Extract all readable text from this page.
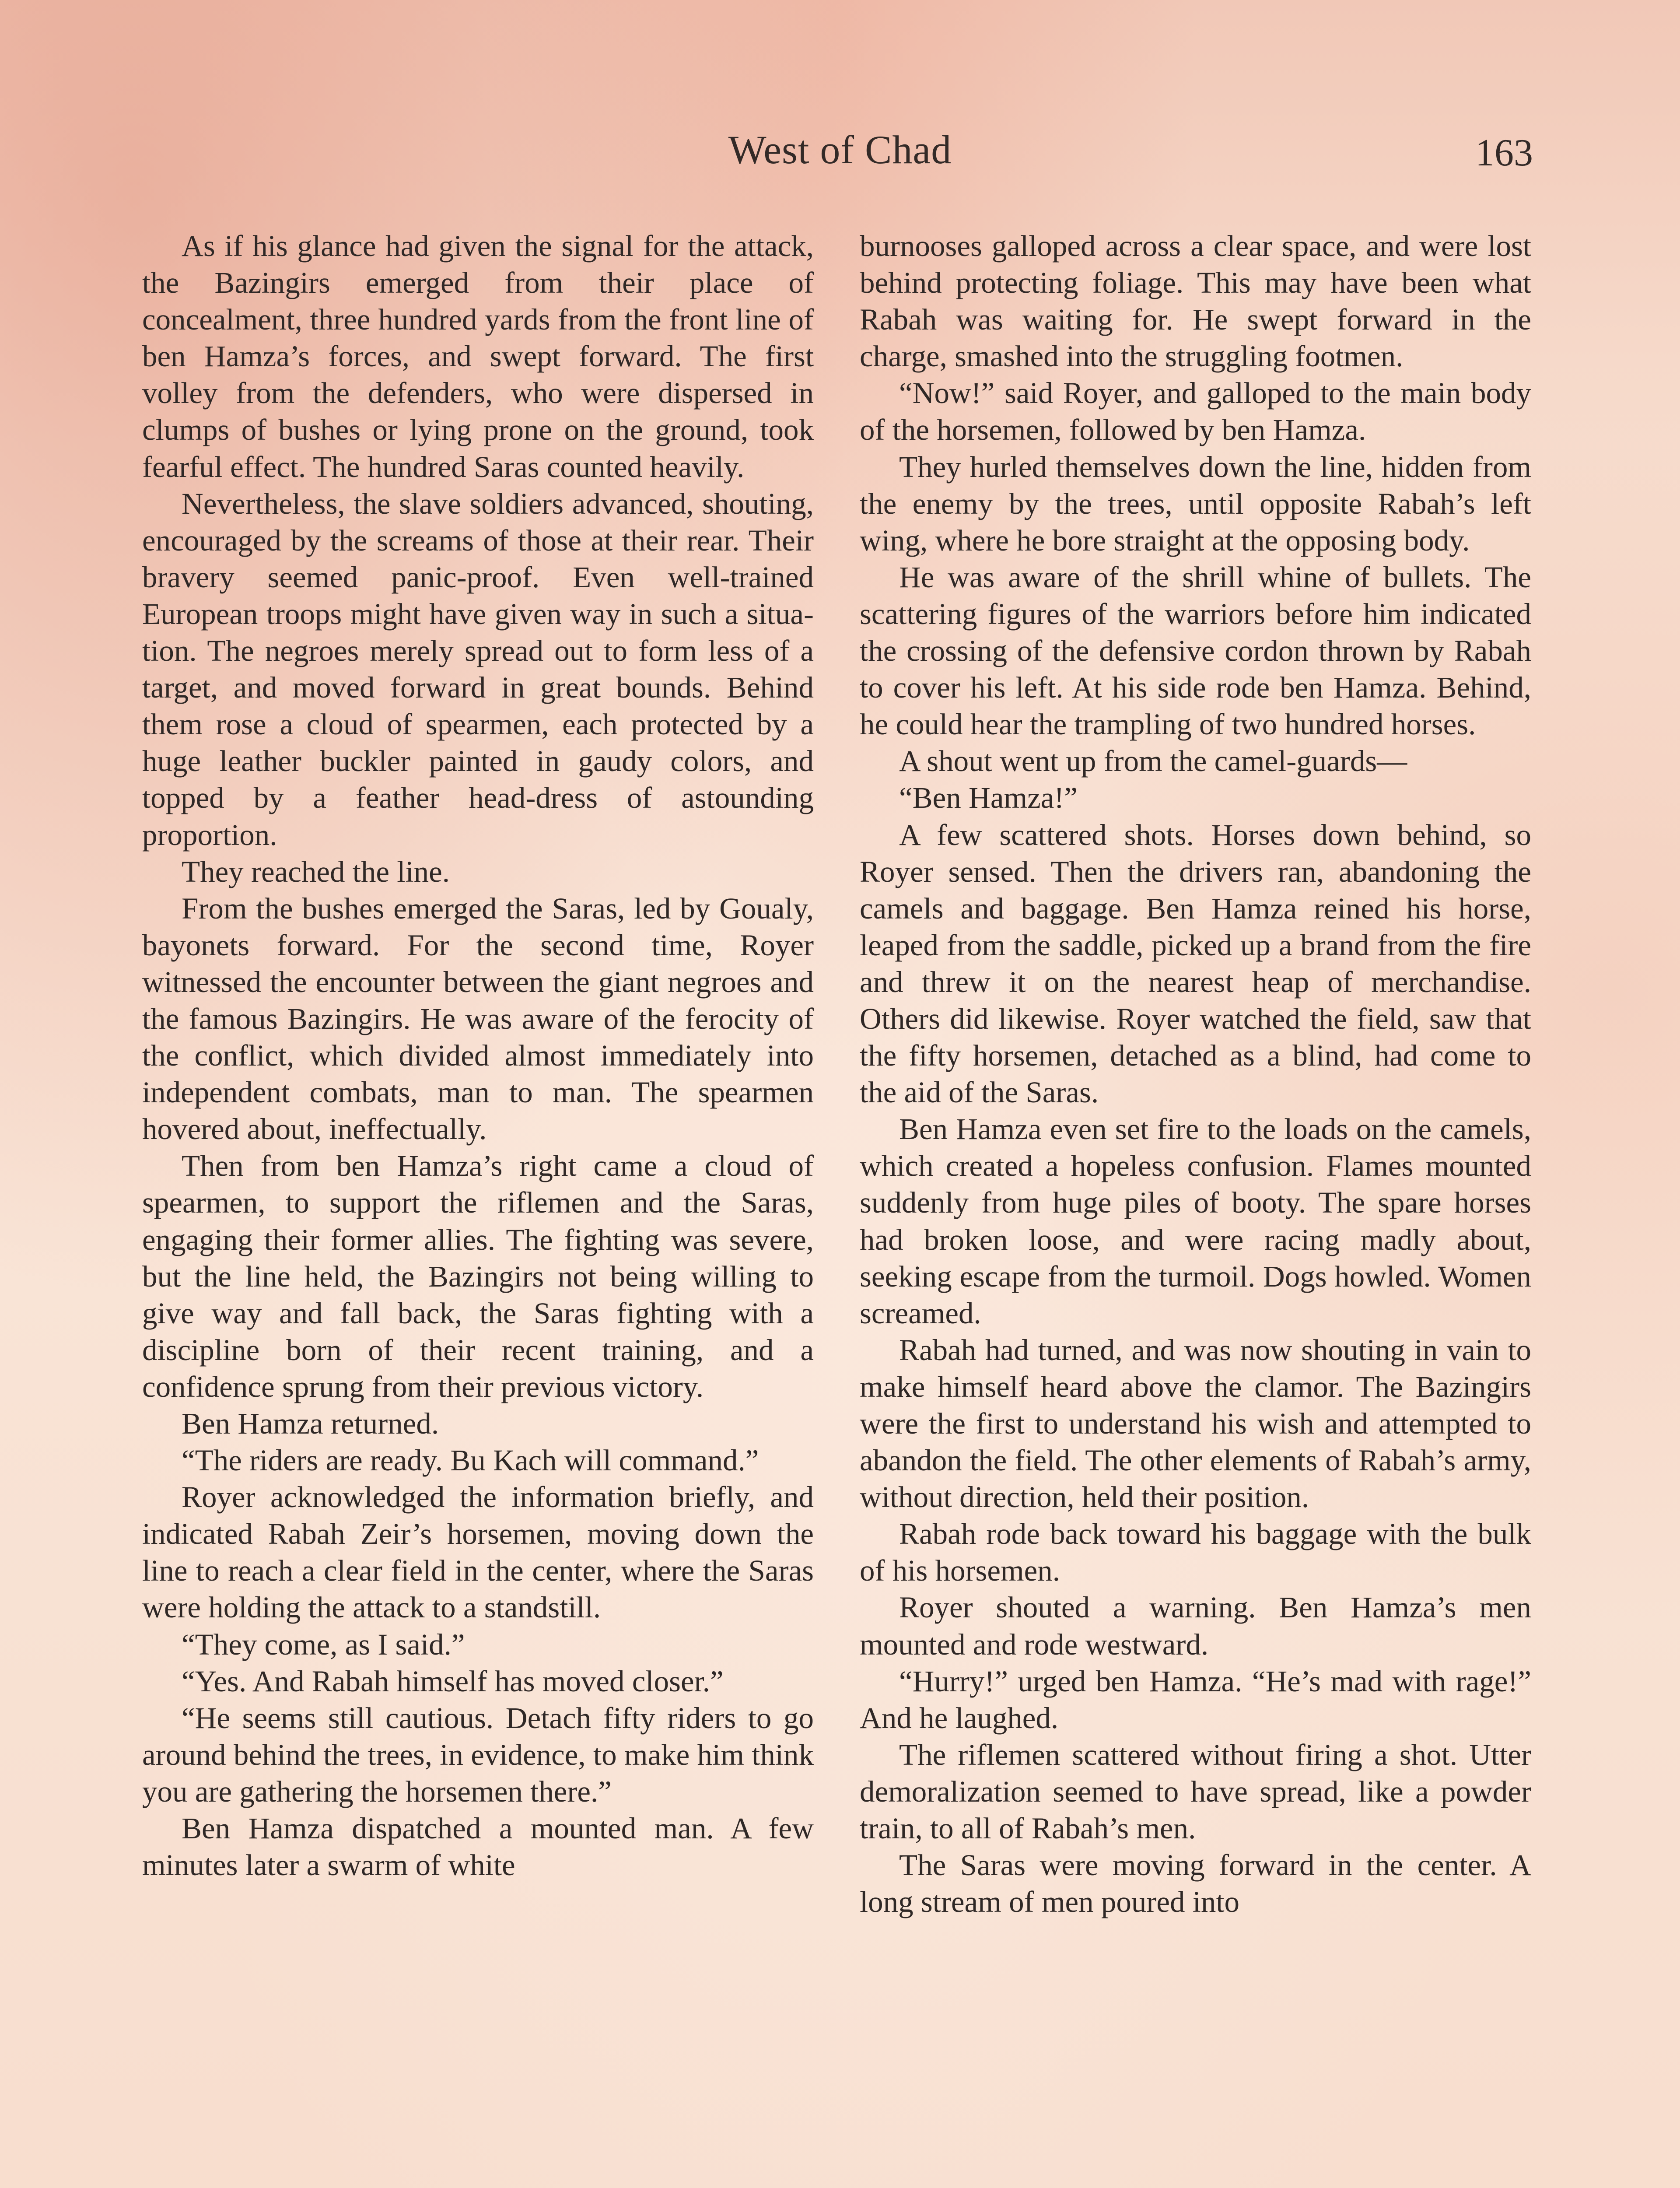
West of Chad	163

As if his glance had given the signal for the attack, the Bazingirs emerged from their place of concealment, three hundred yards from the front line of ben Hamza’s forces, and swept forward. The first volley from the defenders, who were dispersed in clumps of bushes or lying prone on the ground, took fearful effect. The hundred Saras counted heavily.

Nevertheless, the slave soldiers advanced, shouting, encouraged by the screams of those at their rear. Their bravery seemed panic-proof. Even well-trained European troops might have given way in such a situation. The negroes merely spread out to form less of a target, and moved forward in great bounds. Behind them rose a cloud of spearmen, each protected by a huge leather buckler painted in gaudy colors, and topped by a feather head-dress of astounding proportion.

They reached the line.

From the bushes emerged the Saras, led by Goualy, bayonets forward. For the second time, Royer witnessed the encounter between the giant negroes and the famous Bazingirs. He was aware of the ferocity of the conflict, which divided almost immediately into independent combats, man to man. The spearmen hovered about, ineffectually.

Then from ben Hamza’s right came a cloud of spearmen, to support the riflemen and the Saras, engaging their former allies. The fighting was severe, but the line held, the Bazingirs not being willing to give way and fall back, the Saras fighting with a discipline born of their recent training, and a confidence sprung from their previous victory.

Ben Hamza returned.

“The riders are ready. Bu Kach will command.”

Royer acknowledged the information briefly, and indicated Rabah Zeir’s horsemen, moving down the line to reach a clear field in the center, where the Saras were holding the attack to a standstill.

“They come, as I said.”

“Yes. And Rabah himself has moved closer.”

“He seems still cautious. Detach fifty riders to go around behind the trees, in evidence, to make him think you are gathering the horsemen there.”

Ben Hamza dispatched a mounted man. A few minutes later a swarm of white

burnooses galloped across a clear space, and were lost behind protecting foliage. This may have been what Rabah was waiting for. He swept forward in the charge, smashed into the struggling footmen.

“Now!” said Royer, and galloped to the main body of the horsemen, followed by ben Hamza.

They hurled themselves down the line, hidden from the enemy by the trees, until opposite Rabah’s left wing, where he bore straight at the opposing body.

He was aware of the shrill whine of bullets. The scattering figures of the warriors before him indicated the crossing of the defensive cordon thrown by Rabah to cover his left. At his side rode ben Hamza. Behind, he could hear the trampling of two hundred horses.

A shout went up from the camel-guards—

“Ben Hamza!”

A few scattered shots. Horses down behind, so Royer sensed. Then the drivers ran, abandoning the camels and baggage. Ben Hamza reined his horse, leaped from the saddle, picked up a brand from the fire and threw it on the nearest heap of merchandise. Others did likewise. Royer watched the field, saw that the fifty horsemen, detached as a blind, had come to the aid of the Saras.

Ben Hamza even set fire to the loads on the camels, which created a hopeless confusion. Flames mounted suddenly from huge piles of booty. The spare horses had broken loose, and were racing madly about, seeking escape from the turmoil. Dogs howled. Women screamed.

Rabah had turned, and was now shouting in vain to make himself heard above the clamor. The Bazingirs were the first to understand his wish and attempted to abandon the field. The other elements of Rabah’s army, without direction, held their position.

Rabah rode back toward his baggage with the bulk of his horsemen.

Royer shouted a warning. Ben Hamza’s men mounted and rode westward.

“Hurry!” urged ben Hamza. “He’s mad with rage!” And he laughed.

The riflemen scattered without firing a shot. Utter demoralization seemed to have spread, like a powder train, to all of Rabah’s men.

The Saras were moving forward in the center. A long stream of men poured into
